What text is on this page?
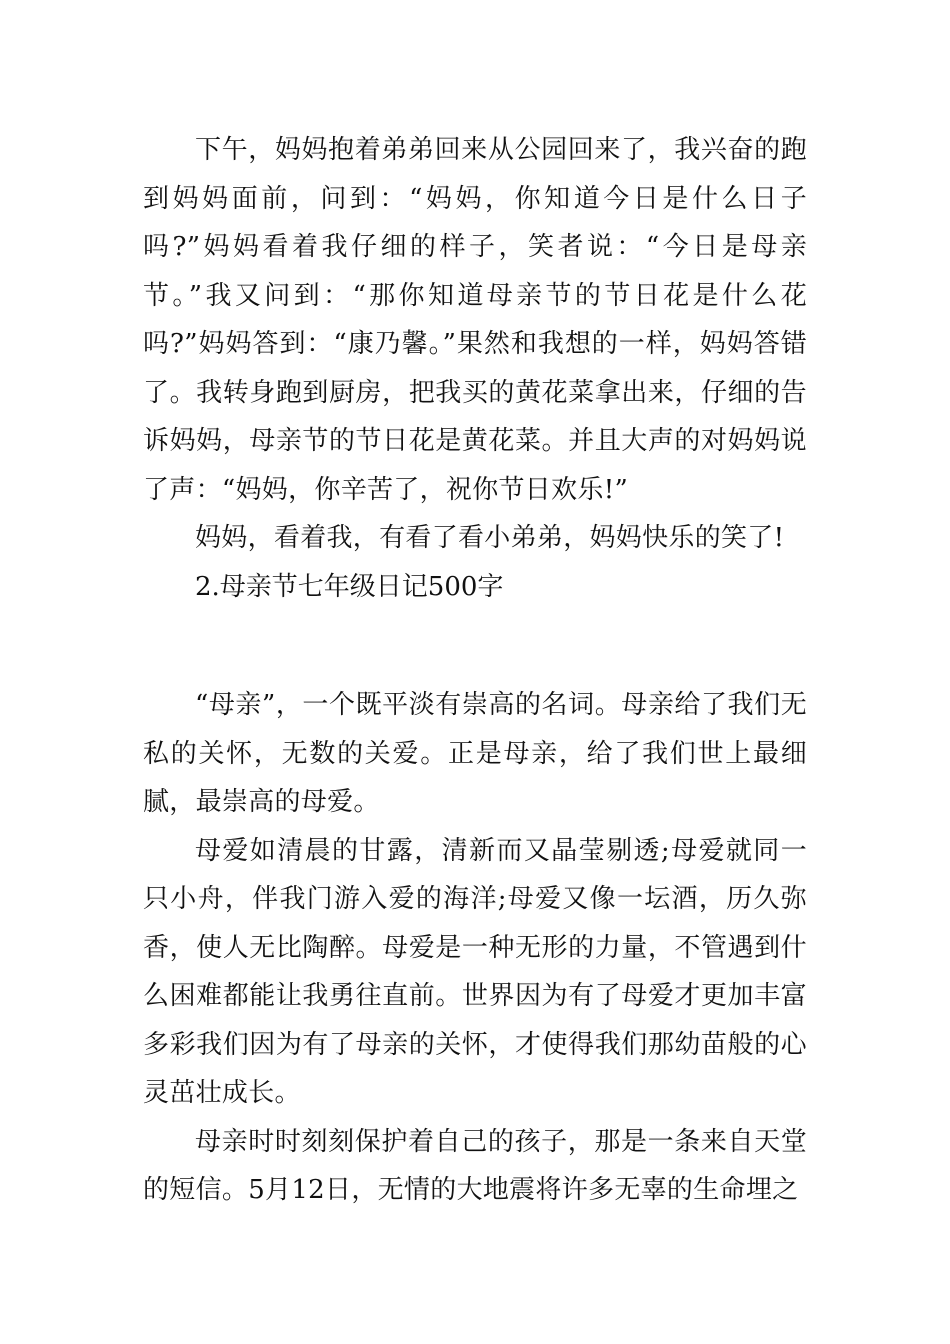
下午，妈妈抱着弟弟回来从公园回来了，我兴奋的跑到妈妈面前，问到：“妈妈，你知道今日是什么日子吗?”妈妈看着我仔细的样子，笑者说：“今日是母亲节。”我又问到：“那你知道母亲节的节日花是什么花吗?”妈妈答到：“康乃馨。”果然和我想的一样，妈妈答错了。我转身跑到厨房，把我买的黄花菜拿出来，仔细的告诉妈妈，母亲节的节日花是黄花菜。并且大声的对妈妈说了声：“妈妈，你辛苦了，祝你节日欢乐!”

妈妈，看着我，有看了看小弟弟，妈妈快乐的笑了!

2.母亲节七年级日记500字

“母亲”，一个既平淡有崇高的名词。母亲给了我们无私的关怀，无数的关爱。正是母亲，给了我们世上最细腻，最崇高的母爱。

母爱如清晨的甘露，清新而又晶莹剔透;母爱就同一只小舟，伴我门游入爱的海洋;母爱又像一坛酒，历久弥香，使人无比陶醉。母爱是一种无形的力量，不管遇到什么困难都能让我勇往直前。世界因为有了母爱才更加丰富多彩我们因为有了母亲的关怀，才使得我们那幼苗般的心灵茁壮成长。

母亲时时刻刻保护着自己的孩子，那是一条来自天堂的短信。5月12日，无情的大地震将许多无辜的生命埋之
